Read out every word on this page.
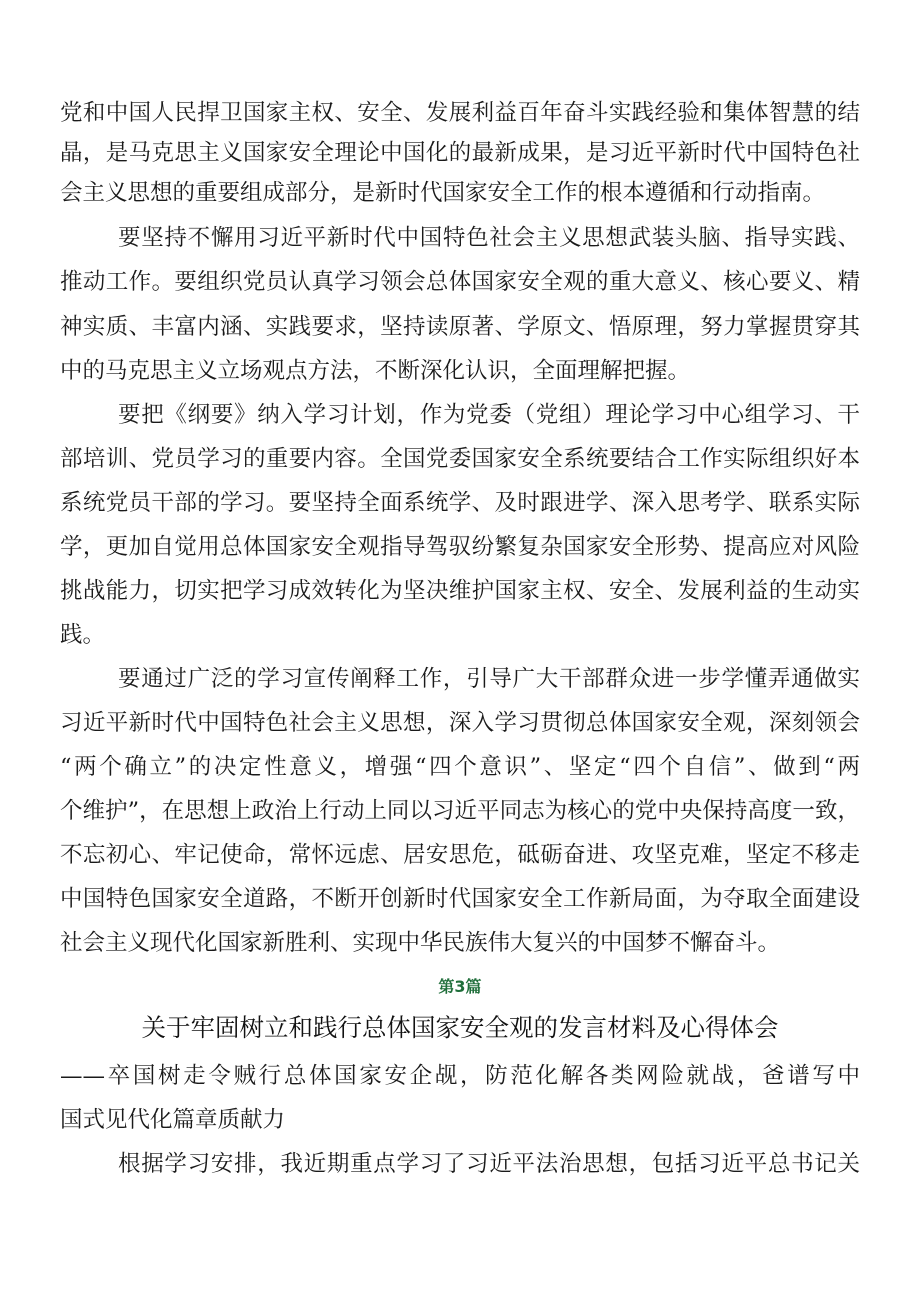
党和中国人民捍卫国家主权、安全、发展利益百年奋斗实践经验和集体智慧的结
晶，是马克思主义国家安全理论中国化的最新成果，是习近平新时代中国特色社
会主义思想的重要组成部分，是新时代国家安全工作的根本遵循和行动指南。
要坚持不懈用习近平新时代中国特色社会主义思想武装头脑、指导实践、
推动工作。要组织党员认真学习领会总体国家安全观的重大意义、核心要义、精
神实质、丰富内涵、实践要求，坚持读原著、学原文、悟原理，努力掌握贯穿其
中的马克思主义立场观点方法，不断深化认识，全面理解把握。
要把《纲要》纳入学习计划，作为党委（党组）理论学习中心组学习、干
部培训、党员学习的重要内容。全国党委国家安全系统要结合工作实际组织好本
系统党员干部的学习。要坚持全面系统学、及时跟进学、深入思考学、联系实际
学，更加自觉用总体国家安全观指导驾驭纷繁复杂国家安全形势、提高应对风险
挑战能力，切实把学习成效转化为坚决维护国家主权、安全、发展利益的生动实
践。
要通过广泛的学习宣传阐释工作，引导广大干部群众进一步学懂弄通做实
习近平新时代中国特色社会主义思想，深入学习贯彻总体国家安全观，深刻领会
“两个确立”的决定性意义，增强“四个意识”、坚定“四个自信”、做到“两
个维护”，在思想上政治上行动上同以习近平同志为核心的党中央保持高度一致，
不忘初心、牢记使命，常怀远虑、居安思危，砥砺奋进、攻坚克难，坚定不移走
中国特色国家安全道路，不断开创新时代国家安全工作新局面，为夺取全面建设
社会主义现代化国家新胜利、实现中华民族伟大复兴的中国梦不懈奋斗。
第3篇
关于牢固树立和践行总体国家安全观的发言材料及心得体会
——卒国树走令贼行总体国家安企觇，防范化解各类网险就战，爸谱写中
国式见代化篇章质献力
根据学习安排，我近期重点学习了习近平法治思想，包括习近平总书记关
